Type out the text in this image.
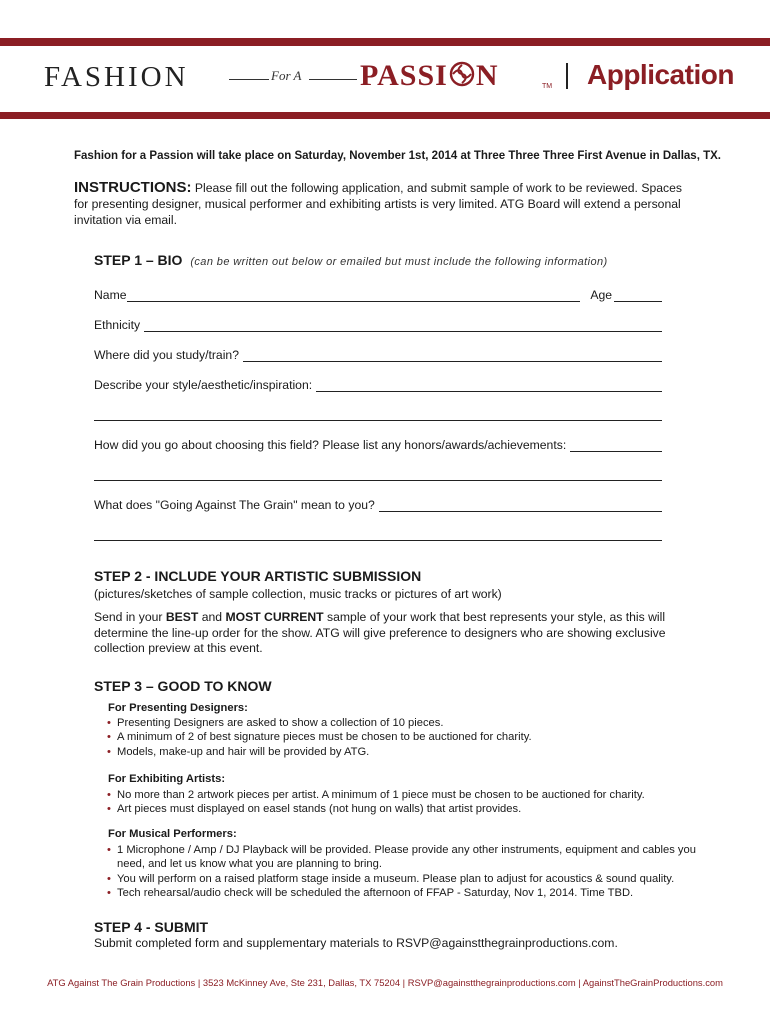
FASHION	For A PASSI N	TM Application
Fashion for a Passion will take place on Saturday, November 1st, 2014 at Three Three Three First Avenue in Dallas, TX.
INSTRUCTIONS: Please fill out the following application, and submit sample of work to be reviewed. Spaces for presenting designer, musical performer and exhibiting artists is very limited. ATG Board will extend a personal invitation via email.
STEP 1 – BIO (can be written out below or emailed but must include the following information)
Name	Age
Ethnicity
Where did you study/train?
Describe your style/aesthetic/inspiration:
How did you go about choosing this field? Please list any honors/awards/achievements:
What does "Going Against The Grain" mean to you?
STEP 2 - INCLUDE YOUR ARTISTIC SUBMISSION
(pictures/sketches of sample collection, music tracks or pictures of art work)
Send in your BEST and MOST CURRENT sample of your work that best represents your style, as this will determine the line-up order for the show. ATG will give preference to designers who are showing exclusive collection preview at this event.
STEP 3 – GOOD TO KNOW
For Presenting Designers:
• Presenting Designers are asked to show a collection of 10 pieces.
• A minimum of 2 of best signature pieces must be chosen to be auctioned for charity.
• Models, make-up and hair will be provided by ATG.
For Exhibiting Artists:
• No more than 2 artwork pieces per artist. A minimum of 1 piece must be chosen to be auctioned for charity.
• Art pieces must displayed on easel stands (not hung on walls) that artist provides.
For Musical Performers:
• 1 Microphone / Amp / DJ Playback will be provided. Please provide any other instruments, equipment and cables you need, and let us know what you are planning to bring.
• You will perform on a raised platform stage inside a museum. Please plan to adjust for acoustics & sound quality.
• Tech rehearsal/audio check will be scheduled the afternoon of FFAP - Saturday, Nov 1, 2014. Time TBD.
STEP 4 - SUBMIT
Submit completed form and supplementary materials to RSVP@againstthegrainproductions.com.
ATG Against The Grain Productions | 3523 McKinney Ave, Ste 231, Dallas, TX 75204 | RSVP@againstthegrainproductions.com | AgainstTheGrainProductions.com
